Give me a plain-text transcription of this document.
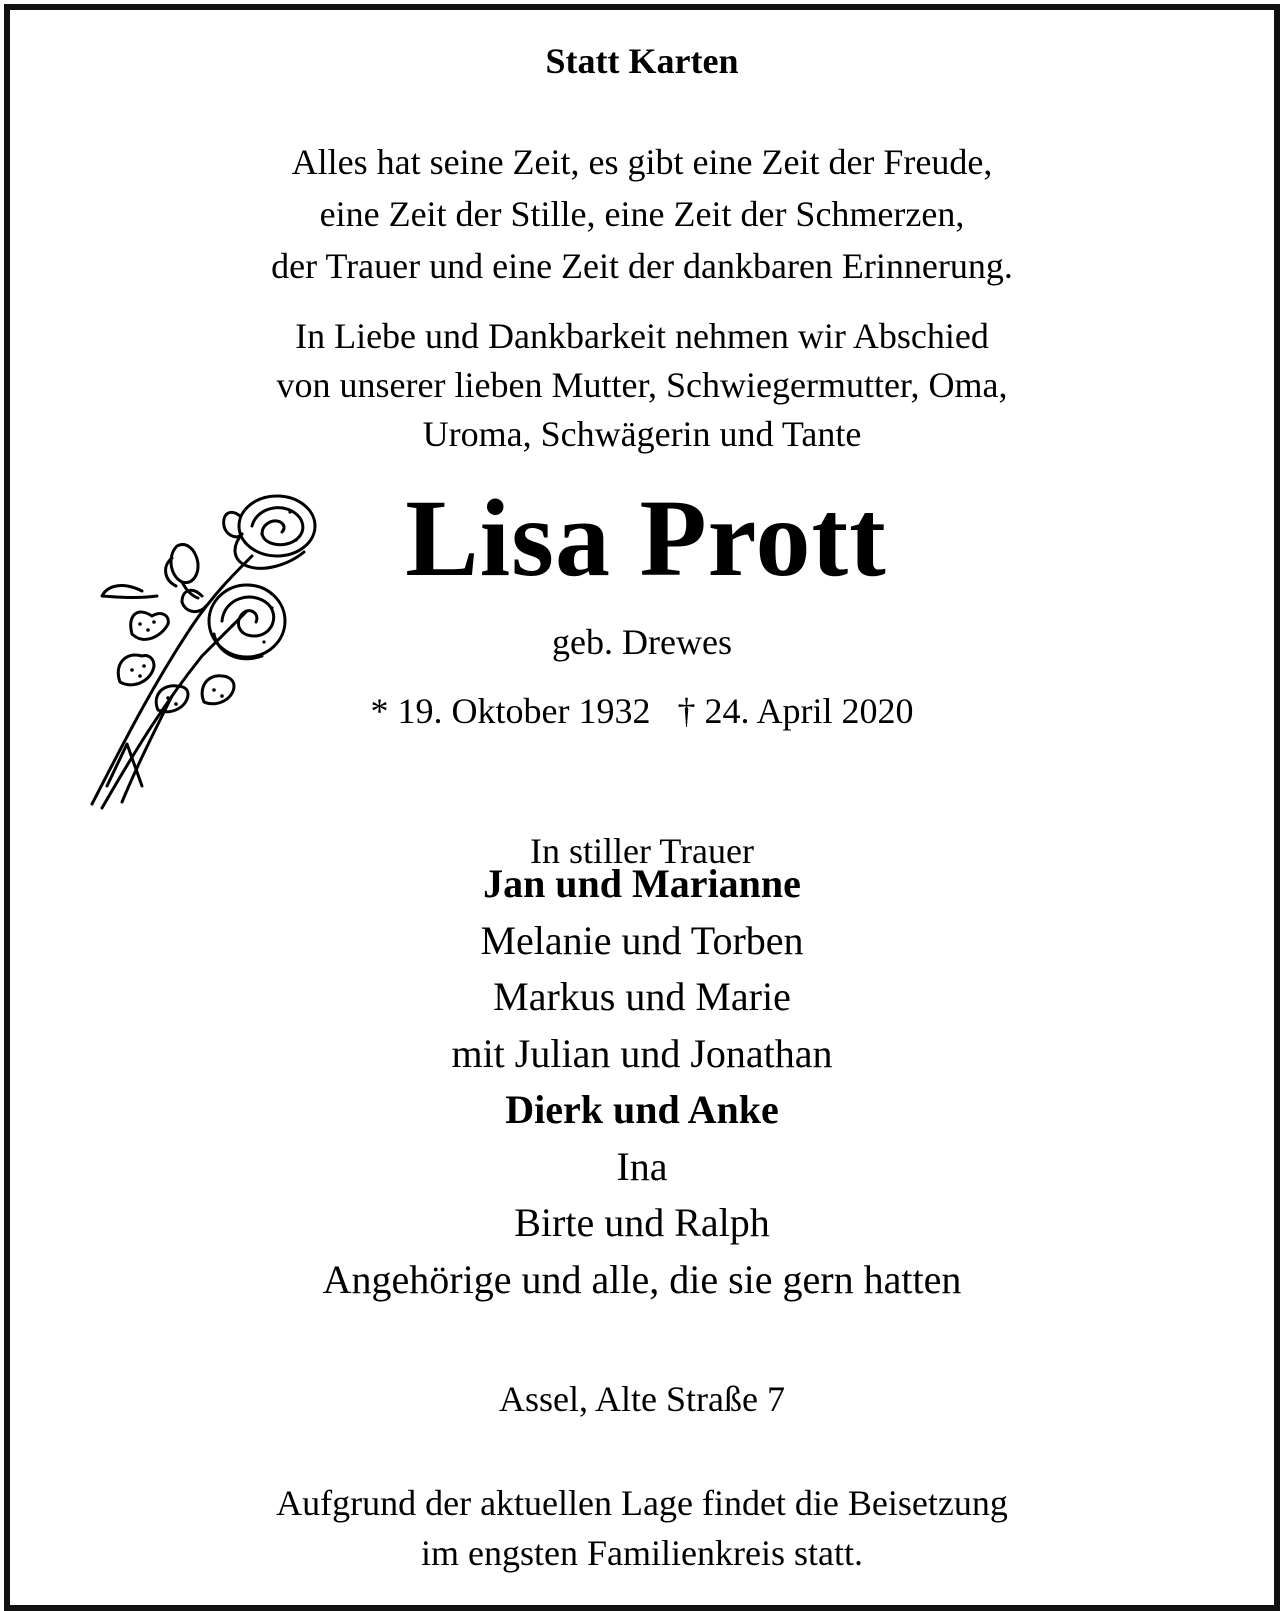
Statt Karten
Alles hat seine Zeit, es gibt eine Zeit der Freude,
eine Zeit der Stille, eine Zeit der Schmerzen,
der Trauer und eine Zeit der dankbaren Erinnerung.
In Liebe und Dankbarkeit nehmen wir Abschied
von unserer lieben Mutter, Schwiegermutter, Oma,
Uroma, Schwägerin und Tante
Lisa Prott
geb. Drewes
* 19. Oktober 1932   † 24. April 2020
In stiller Trauer
Jan und Marianne
Melanie und Torben
Markus und Marie
mit Julian und Jonathan
Dierk und Anke
Ina
Birte und Ralph
Angehörige und alle, die sie gern hatten
Assel, Alte Straße 7
Aufgrund der aktuellen Lage findet die Beisetzung
im engsten Familienkreis statt.
